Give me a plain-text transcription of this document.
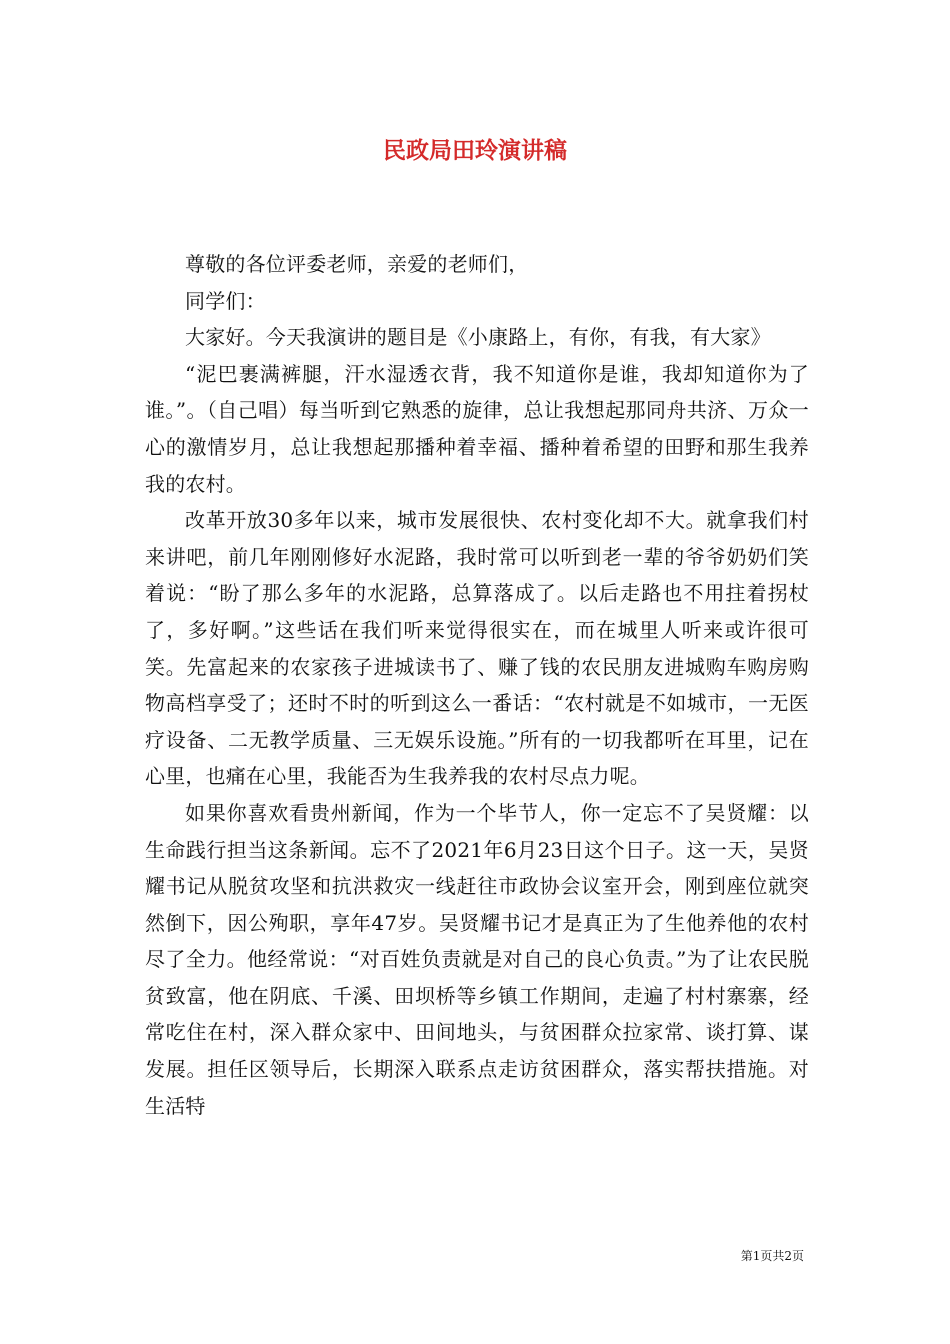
民政局田玲演讲稿

尊敬的各位评委老师，亲爱的老师们，

同学们：

大家好。今天我演讲的题目是《小康路上，有你，有我，有大家》

“泥巴裹满裤腿，汗水湿透衣背，我不知道你是谁，我却知道你为了谁。”。（自己唱）每当听到它熟悉的旋律，总让我想起那同舟共济、万众一心的激情岁月，总让我想起那播种着幸福、播种着希望的田野和那生我养我的农村。

改革开放30多年以来，城市发展很快、农村变化却不大。就拿我们村来讲吧，前几年刚刚修好水泥路，我时常可以听到老一辈的爷爷奶奶们笑着说：“盼了那么多年的水泥路，总算落成了。以后走路也不用拄着拐杖了，多好啊。”这些话在我们听来觉得很实在，而在城里人听来或许很可笑。先富起来的农家孩子进城读书了、赚了钱的农民朋友进城购车购房购物高档享受了；还时不时的听到这么一番话：“农村就是不如城市，一无医疗设备、二无教学质量、三无娱乐设施。”所有的一切我都听在耳里，记在心里，也痛在心里，我能否为生我养我的农村尽点力呢。

如果你喜欢看贵州新闻，作为一个毕节人，你一定忘不了吴贤耀：以生命践行担当这条新闻。忘不了2021年6月23日这个日子。这一天，吴贤耀书记从脱贫攻坚和抗洪救灾一线赶往市政协会议室开会，刚到座位就突然倒下，因公殉职，享年47岁。吴贤耀书记才是真正为了生他养他的农村尽了全力。他经常说：“对百姓负责就是对自己的良心负责。”为了让农民脱贫致富，他在阴底、千溪、田坝桥等乡镇工作期间，走遍了村村寨寨，经常吃住在村，深入群众家中、田间地头，与贫困群众拉家常、谈打算、谋发展。担任区领导后，长期深入联系点走访贫困群众，落实帮扶措施。对生活特

第1页共2页
